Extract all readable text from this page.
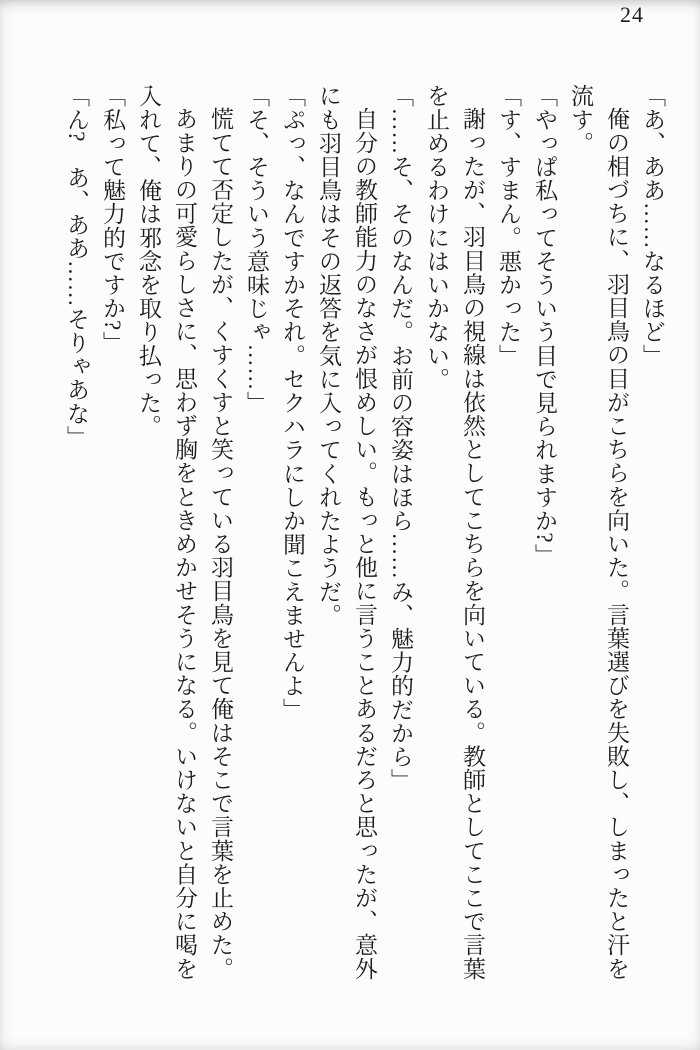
24

「あ、ああ……なるほど」

俺の相づちに、羽目鳥の目がこちらを向いた。言葉選びを失敗し、しまったと汗を流す。

「やっぱ私ってそういう目で見られますか?」

「す、すまん。悪かった」

謝ったが、羽目鳥の視線は依然としてこちらを向いている。教師としてここで言葉を止めるわけにはいかない。

「……そ、そのなんだ。お前の容姿はほら……み、魅力的だから」

自分の教師能力のなさが恨めしい。もっと他に言うことあるだろと思ったが、意外にも羽目鳥はその返答を気に入ってくれたようだ。

「ぷっ、なんですかそれ。セクハラにしか聞こえませんよ」

「そ、そういう意味じゃ……」

慌てて否定したが、くすくすと笑っている羽目鳥を見て俺はそこで言葉を止めた。

あまりの可愛らしさに、思わず胸をときめかせそうになる。いけないと自分に喝を入れて、俺は邪念を取り払った。

「私って魅力的ですか?」

「ん?　あ、ああ……そりゃあな」
